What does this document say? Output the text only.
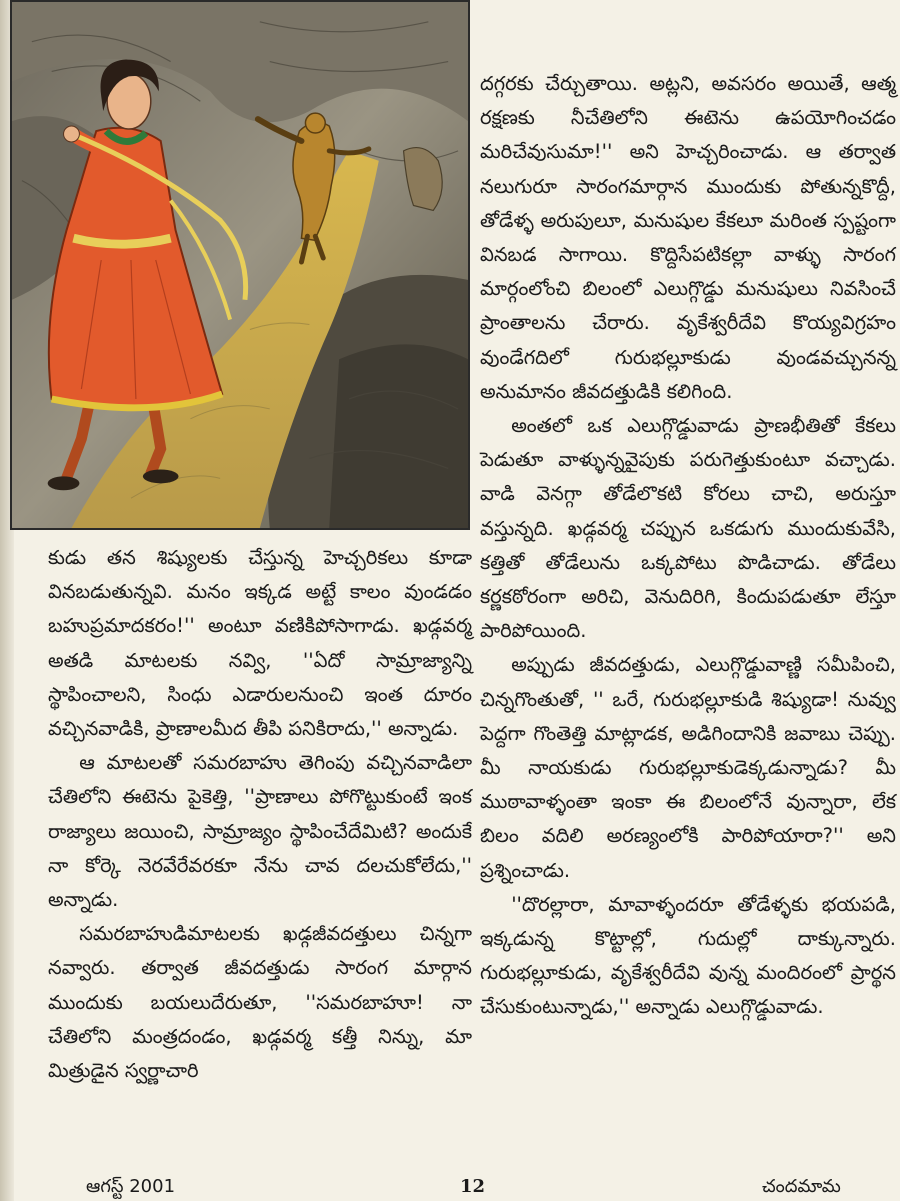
కుడు తన శిష్యులకు చేస్తున్న హెచ్చరికలు కూడా వినబడుతున్నవి. మనం ఇక్కడ అట్టే కాలం వుండడం బహుప్రమాదకరం!'' అంటూ వణికిపోసాగాడు. ఖడ్గవర్మ అతడి మాటలకు నవ్వి, ''ఏదో సామ్రాజ్యాన్ని స్థాపించాలని, సింధు ఎడారులనుంచి ఇంత దూరం వచ్చినవాడికి, ప్రాణాలమీద తీపి పనికిరాదు,'' అన్నాడు.

ఆ మాటలతో సమరబాహు తెగింపు వచ్చినవాడిలా చేతిలోని ఈటెను పైకెత్తి, ''ప్రాణాలు పోగొట్టుకుంటే ఇంక రాజ్యాలు జయించి, సామ్రాజ్యం స్థాపించేదేమిటి? అందుకే నా కోర్కె నెరవేరేవరకూ నేను చావ దలచుకోలేదు,'' అన్నాడు.

సమరబాహుడిమాటలకు ఖడ్గజీవదత్తులు చిన్నగా నవ్వారు. తర్వాత జీవదత్తుడు సారంగ మార్గాన ముందుకు బయలుదేరుతూ, ''సమరబాహూ! నా చేతిలోని మంత్రదండం, ఖడ్గవర్మ కత్తీ నిన్ను, మా మిత్రుడైన స్వర్ణాచారి

దగ్గరకు చేర్చుతాయి. అట్లని, అవసరం అయితే, ఆత్మ రక్షణకు నీచేతిలోని ఈటెను ఉపయోగించడం మరిచేవుసుమా!'' అని హెచ్చరించాడు. ఆ తర్వాత నలుగురూ సారంగమార్గాన ముందుకు పోతున్నకొద్దీ, తోడేళ్ళ అరుపులూ, మనుషుల కేకలూ మరింత స్పష్టంగా వినబడ సాగాయి. కొద్దిసేపటికల్లా వాళ్ళు సారంగ మార్గంలోంచి బిలంలో ఎలుగ్గొడ్డు మనుషులు నివసించే ప్రాంతాలను చేరారు. వృకేశ్వరీదేవి కొయ్యవిగ్రహం వుండేగదిలో గురుభల్లూకుడు వుండవచ్చునన్న అనుమానం జీవదత్తుడికి కలిగింది.

అంతలో ఒక ఎలుగ్గొడ్డువాడు ప్రాణభీతితో కేకలు పెడుతూ వాళ్ళున్నవైపుకు పరుగెత్తుకుంటూ వచ్చాడు. వాడి వెనగ్గా తోడేలొకటి కోరలు చాచి, అరుస్తూ వస్తున్నది. ఖడ్గవర్మ చప్పున ఒకడుగు ముందుకువేసి, కత్తితో తోడేలును ఒక్కపోటు పొడిచాడు. తోడేలు కర్ణకఠోరంగా అరిచి, వెనుదిరిగి, కిందుపడుతూ లేస్తూ పారిపోయింది.

అప్పుడు జీవదత్తుడు, ఎలుగ్గొడ్డువాణ్ణి సమీపించి, చిన్నగొంతుతో, '' ఒరే, గురుభల్లూకుడి శిష్యుడా! నువ్వు పెద్దగా గొంతెత్తి మాట్లాడక, అడిగిందానికి జవాబు చెప్పు. మీ నాయకుడు గురుభల్లూకుడెక్కడున్నాడు? మీ ముఠావాళ్ళంతా ఇంకా ఈ బిలంలోనే వున్నారా, లేక బిలం వదిలి అరణ్యంలోకి పారిపోయారా?'' అని ప్రశ్నించాడు.

''దొరల్లారా, మావాళ్ళందరూ తోడేళ్ళకు భయపడి, ఇక్కడున్న కొట్టాల్లో, గుదుల్లో దాక్కున్నారు. గురుభల్లూకుడు, వృకేశ్వరీదేవి వున్న మందిరంలో ప్రార్థన చేసుకుంటున్నాడు,'' అన్నాడు ఎలుగ్గొడ్డువాడు.

ఆగస్ట్ 2001	12	చందమామ
